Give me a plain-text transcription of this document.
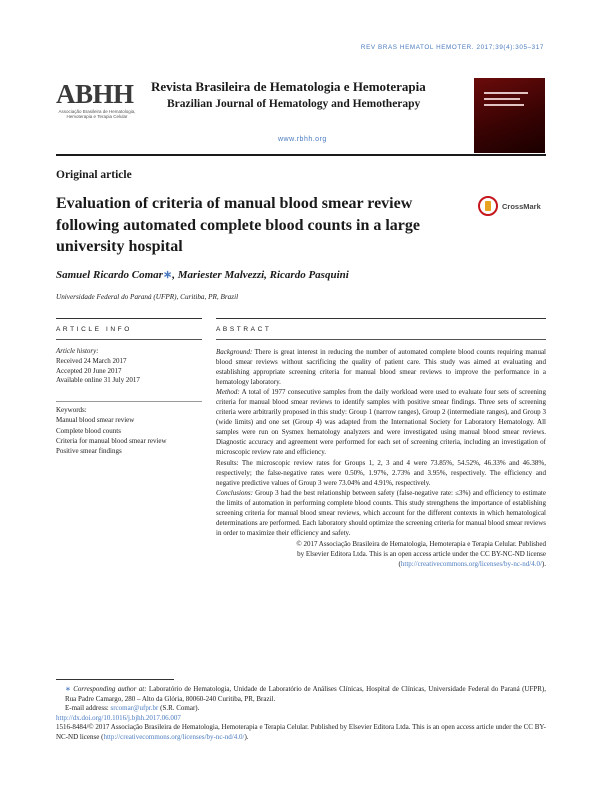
REV BRAS HEMATOL HEMOTER. 2017;39(4):305–317
ABHH
Associação Brasileira de Hematologia, Hemoterapia e Terapia Celular
Revista Brasileira de Hematologia e Hemoterapia
Brazilian Journal of Hematology and Hemotherapy
www.rbhh.org
Original article
Evaluation of criteria of manual blood smear review following automated complete blood counts in a large university hospital
CrossMark
Samuel Ricardo Comar∗, Mariester Malvezzi, Ricardo Pasquini
Universidade Federal do Paraná (UFPR), Curitiba, PR, Brazil
ARTICLE INFO	ABSTRACT
Article history:
Received 24 March 2017
Accepted 20 June 2017
Available online 31 July 2017
Keywords:
Manual blood smear review
Complete blood counts
Criteria for manual blood smear review
Positive smear findings

Background: There is great interest in reducing the number of automated complete blood counts requiring manual blood smear reviews without sacrificing the quality of patient care. This study was aimed at evaluating and establishing appropriate screening criteria for manual blood smear reviews to improve the performance in a hematology laboratory.

Method: A total of 1977 consecutive samples from the daily workload were used to evaluate four sets of screening criteria for manual blood smear reviews to identify samples with positive smear findings. Three sets of screening criteria were arbitrarily proposed in this study: Group 1 (narrow ranges), Group 2 (intermediate ranges), and Group 3 (wide limits) and one set (Group 4) was adapted from the International Society for Laboratory Hematology. All samples were run on Sysmex hematology analyzers and were investigated using manual blood smear reviews. Diagnostic accuracy and agreement were performed for each set of screening criteria, including an investigation of microscopic review rate and efficiency.

Results: The microscopic review rates for Groups 1, 2, 3 and 4 were 73.85%, 54.52%, 46.33% and 46.38%, respectively; the false-negative rates were 0.50%, 1.97%, 2.73% and 3.95%, respectively. The efficiency and negative predictive values of Group 3 were 73.04% and 4.91%, respectively.

Conclusions: Group 3 had the best relationship between safety (false-negative rate: ≤3%) and efficiency to estimate the limits of automation in performing complete blood counts. This study strengthens the importance of establishing screening criteria for manual blood smear reviews, which account for the different contexts in which hematological determinations are performed. Each laboratory should optimize the screening criteria for manual blood smear reviews in order to maximize their efficiency and safety.

© 2017 Associação Brasileira de Hematologia, Hemoterapia e Terapia Celular. Published
by Elsevier Editora Ltda. This is an open access article under the CC BY-NC-ND license
(http://creativecommons.org/licenses/by-nc-nd/4.0/).
∗ Corresponding author at: Laboratório de Hematologia, Unidade de Laboratório de Análises Clínicas, Hospital de Clínicas, Universidade Federal do Paraná (UFPR), Rua Padre Camargo, 280 – Alto da Glória, 80060-240 Curitiba, PR, Brazil.
E-mail address: srcomar@ufpr.br (S.R. Comar).
http://dx.doi.org/10.1016/j.bjhh.2017.06.007
1516-8484/© 2017 Associação Brasileira de Hematologia, Hemoterapia e Terapia Celular. Published by Elsevier Editora Ltda. This is an open access article under the CC BY-NC-ND license (http://creativecommons.org/licenses/by-nc-nd/4.0/).
